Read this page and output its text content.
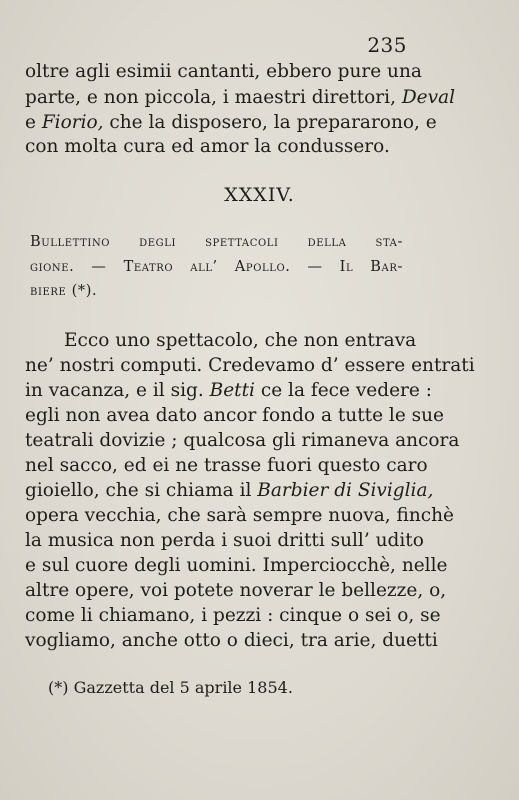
235
oltre agli esimii cantanti, ebbero pure una
parte, e non piccola, i maestri direttori, Deval
e Fiorio, che la disposero, la prepararono, e
con molta cura ed amor la condussero.
XXXIV.
Bullettino degli spettacoli della sta-
gione. — Teatro all’ Apollo. — Il Bar-
biere (*).
Ecco uno spettacolo, che non entrava
ne’ nostri computi. Credevamo d’ essere entrati
in vacanza, e il sig. Betti ce la fece vedere :
egli non avea dato ancor fondo a tutte le sue
teatrali dovizie ; qualcosa gli rimaneva ancora
nel sacco, ed ei ne trasse fuori questo caro
gioiello, che si chiama il Barbier di Siviglia,
opera vecchia, che sarà sempre nuova, finchè
la musica non perda i suoi dritti sull’ udito
e sul cuore degli uomini. Imperciocchè, nelle
altre opere, voi potete noverar le bellezze, o,
come li chiamano, i pezzi : cinque o sei o, se
vogliamo, anche otto o dieci, tra arie, duetti
(*) Gazzetta del 5 aprile 1854.
